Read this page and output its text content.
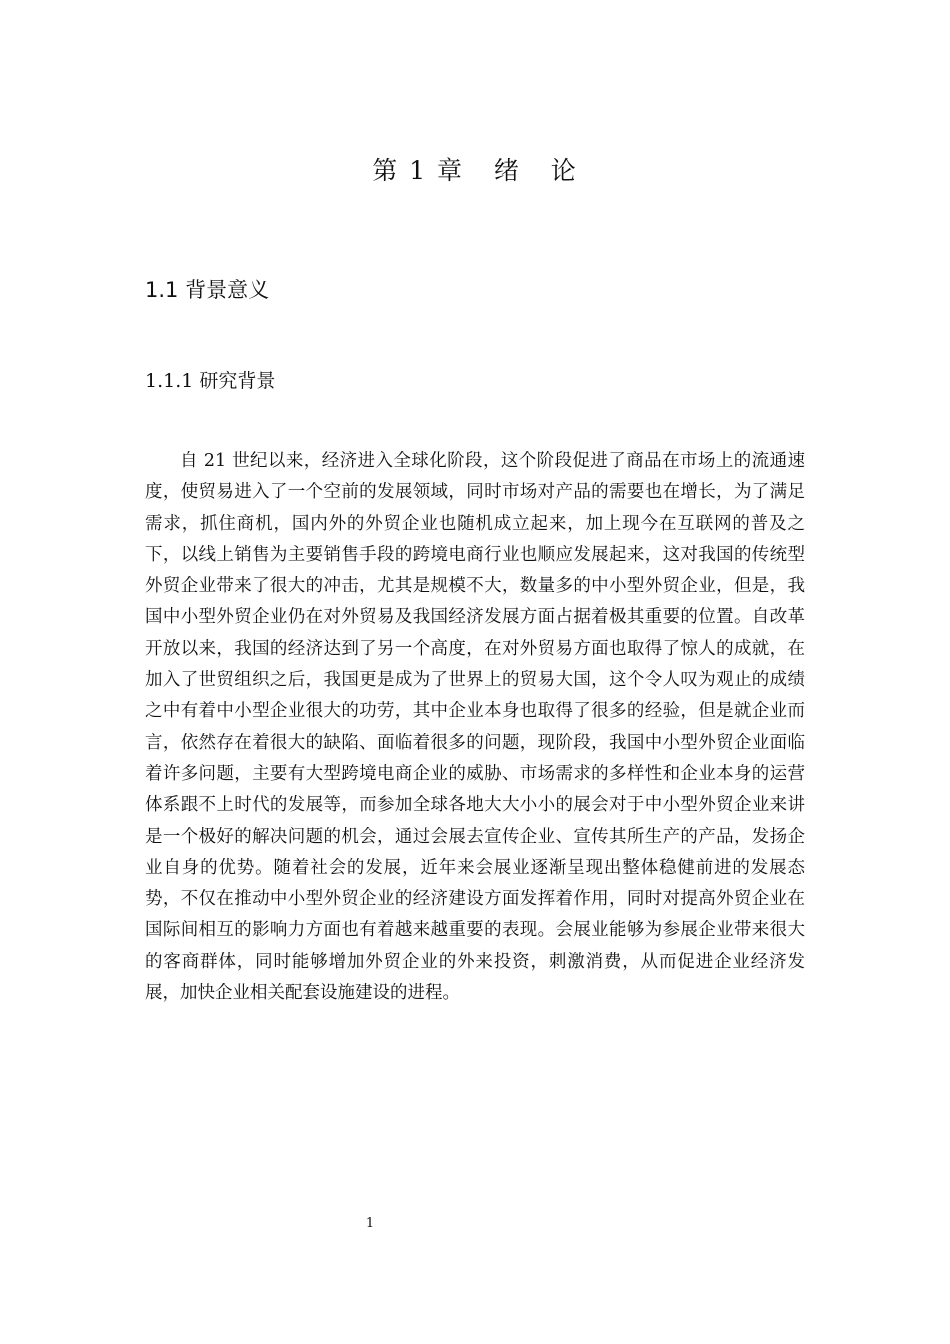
第 1 章   绪   论
1.1 背景意义
1.1.1 研究背景

自 21 世纪以来，经济进入全球化阶段，这个阶段促进了商品在市场上的流通速度，使贸易进入了一个空前的发展领域，同时市场对产品的需要也在增长，为了满足需求，抓住商机，国内外的外贸企业也随机成立起来，加上现今在互联网的普及之下，以线上销售为主要销售手段的跨境电商行业也顺应发展起来，这对我国的传统型外贸企业带来了很大的冲击，尤其是规模不大，数量多的中小型外贸企业，但是，我国中小型外贸企业仍在对外贸易及我国经济发展方面占据着极其重要的位置。自改革开放以来，我国的经济达到了另一个高度，在对外贸易方面也取得了惊人的成就，在加入了世贸组织之后，我国更是成为了世界上的贸易大国，这个令人叹为观止的成绩之中有着中小型企业很大的功劳，其中企业本身也取得了很多的经验，但是就企业而言，依然存在着很大的缺陷、面临着很多的问题，现阶段，我国中小型外贸企业面临着许多问题，主要有大型跨境电商企业的威胁、市场需求的多样性和企业本身的运营体系跟不上时代的发展等，而参加全球各地大大小小的展会对于中小型外贸企业来讲是一个极好的解决问题的机会，通过会展去宣传企业、宣传其所生产的产品，发扬企业自身的优势。随着社会的发展，近年来会展业逐渐呈现出整体稳健前进的发展态势，不仅在推动中小型外贸企业的经济建设方面发挥着作用，同时对提高外贸企业在国际间相互的影响力方面也有着越来越重要的表现。会展业能够为参展企业带来很大的客商群体，同时能够增加外贸企业的外来投资，刺激消费，从而促进企业经济发展，加快企业相关配套设施建设的进程。

1
